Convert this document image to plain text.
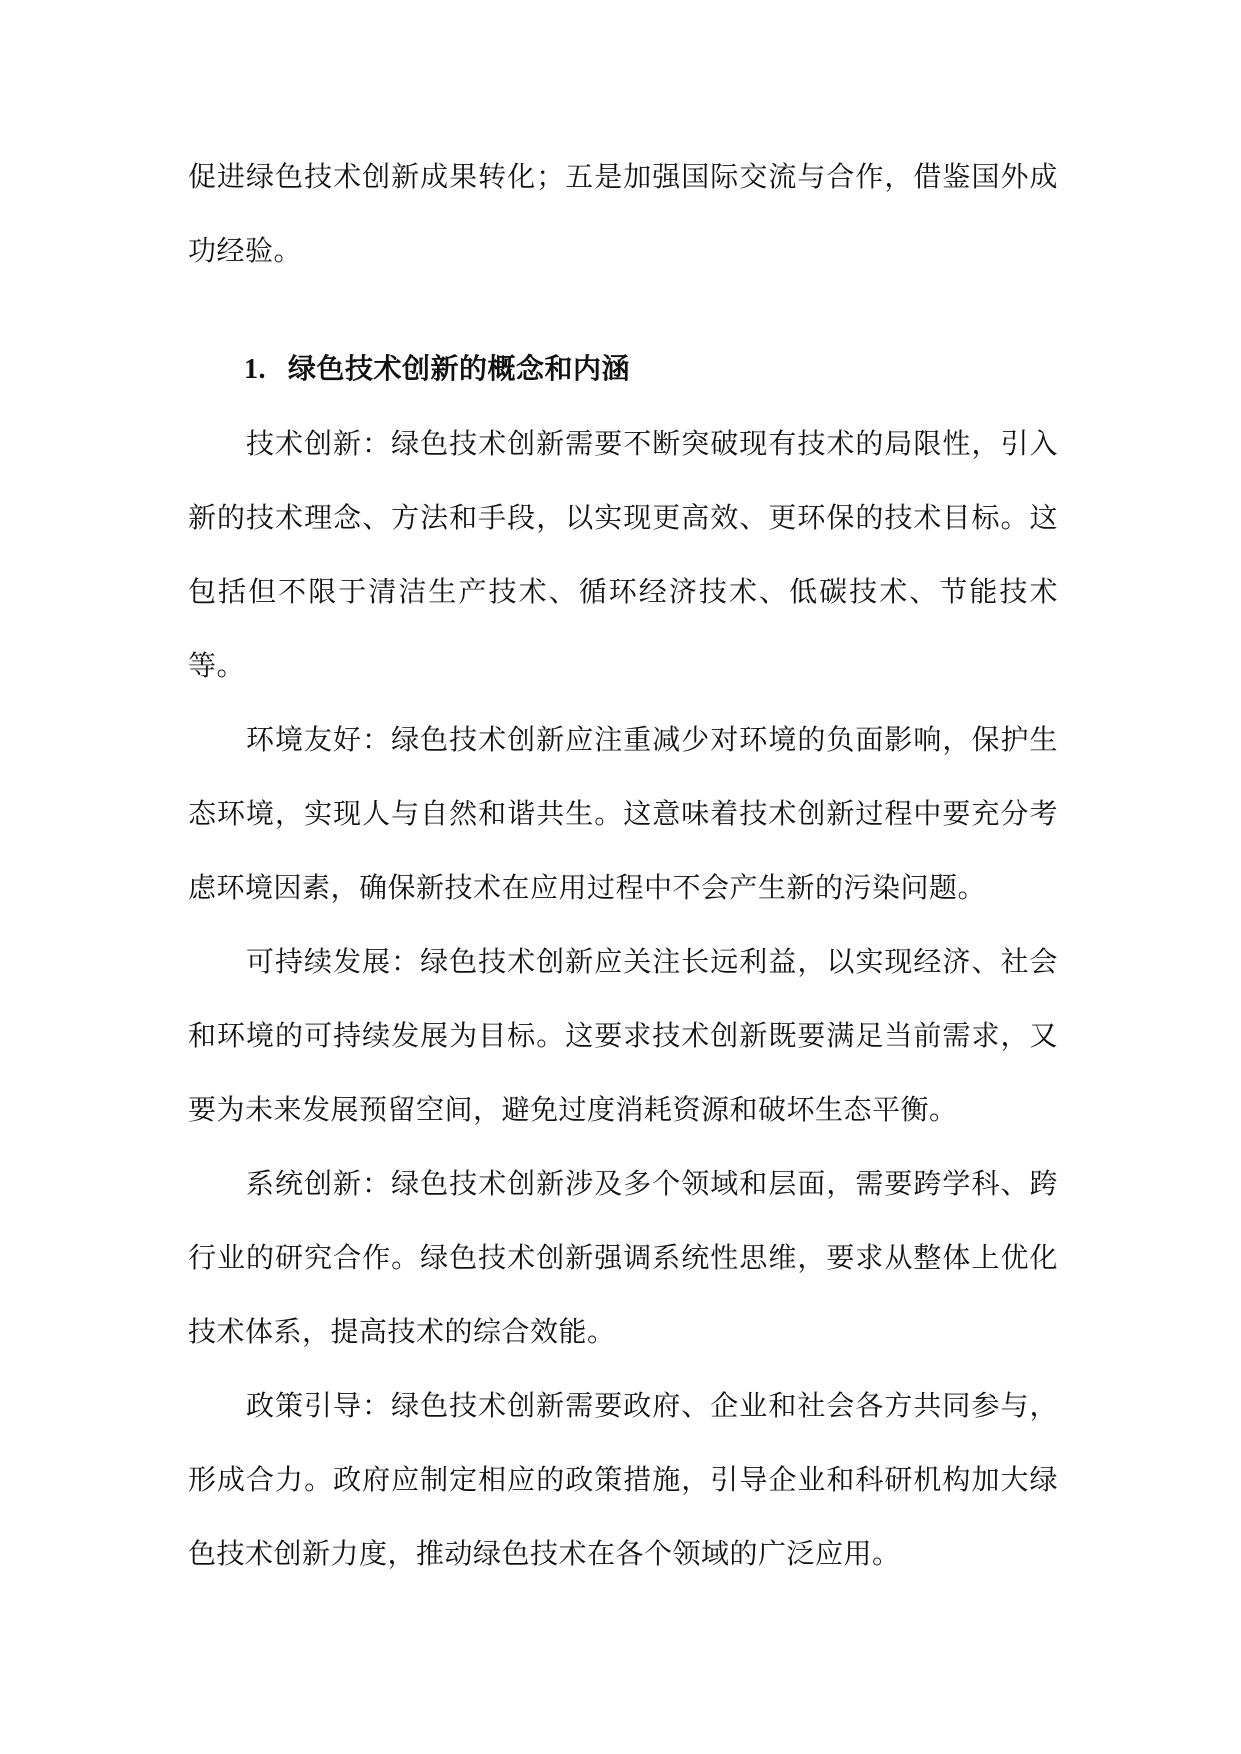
促进绿色技术创新成果转化；五是加强国际交流与合作，借鉴国外成功经验。

1. 绿色技术创新的概念和内涵

技术创新：绿色技术创新需要不断突破现有技术的局限性，引入新的技术理念、方法和手段，以实现更高效、更环保的技术目标。这包括但不限于清洁生产技术、循环经济技术、低碳技术、节能技术等。

环境友好：绿色技术创新应注重减少对环境的负面影响，保护生态环境，实现人与自然和谐共生。这意味着技术创新过程中要充分考虑环境因素，确保新技术在应用过程中不会产生新的污染问题。

可持续发展：绿色技术创新应关注长远利益，以实现经济、社会和环境的可持续发展为目标。这要求技术创新既要满足当前需求，又要为未来发展预留空间，避免过度消耗资源和破坏生态平衡。

系统创新：绿色技术创新涉及多个领域和层面，需要跨学科、跨行业的研究合作。绿色技术创新强调系统性思维，要求从整体上优化技术体系，提高技术的综合效能。

政策引导：绿色技术创新需要政府、企业和社会各方共同参与，形成合力。政府应制定相应的政策措施，引导企业和科研机构加大绿色技术创新力度，推动绿色技术在各个领域的广泛应用。
